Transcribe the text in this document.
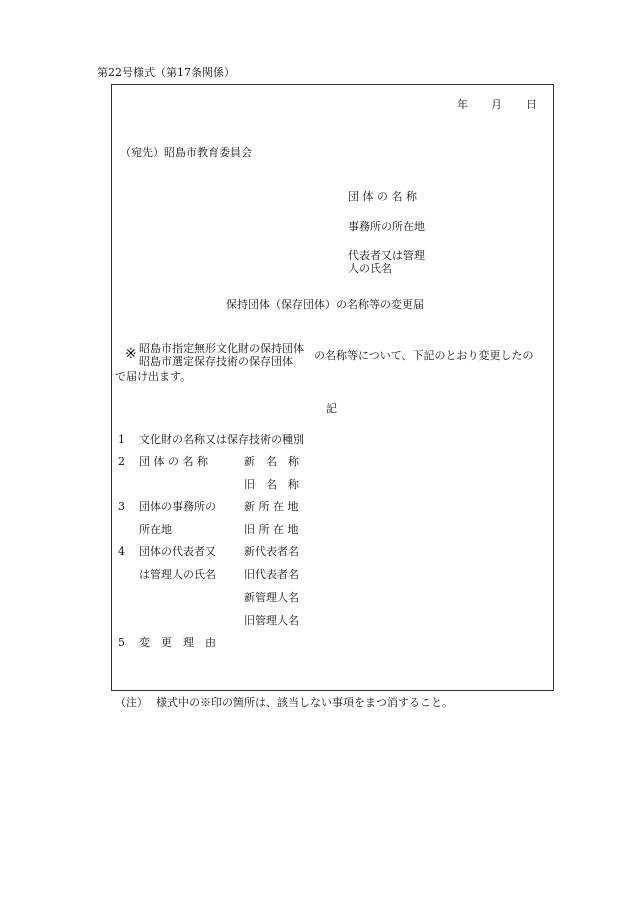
第22号様式（第17条関係）
年 月 日
（宛先）昭島市教育委員会
団 体 の 名 称
事務所の所在地
代表者又は管理
人の氏名
保持団体（保存団体）の名称等の変更届
※ 昭島市指定無形文化財の保持団体
昭島市選定保存技術の保存団体	の名称等について、下記のとおり変更したの
で届け出ます。
記
1 文化財の名称又は保存技術の種別
2 団 体 の 名 称	新　名　称
旧　名　称
3 団体の事務所の
所在地
新 所 在 地
旧 所 在 地
4 団体の代表者又
は管理人の氏名
新代表者名
旧代表者名
新管理人名
旧管理人名
5 変　更　理　由
（注） 様式中の※印の箇所は、該当しない事項をまつ消すること。
